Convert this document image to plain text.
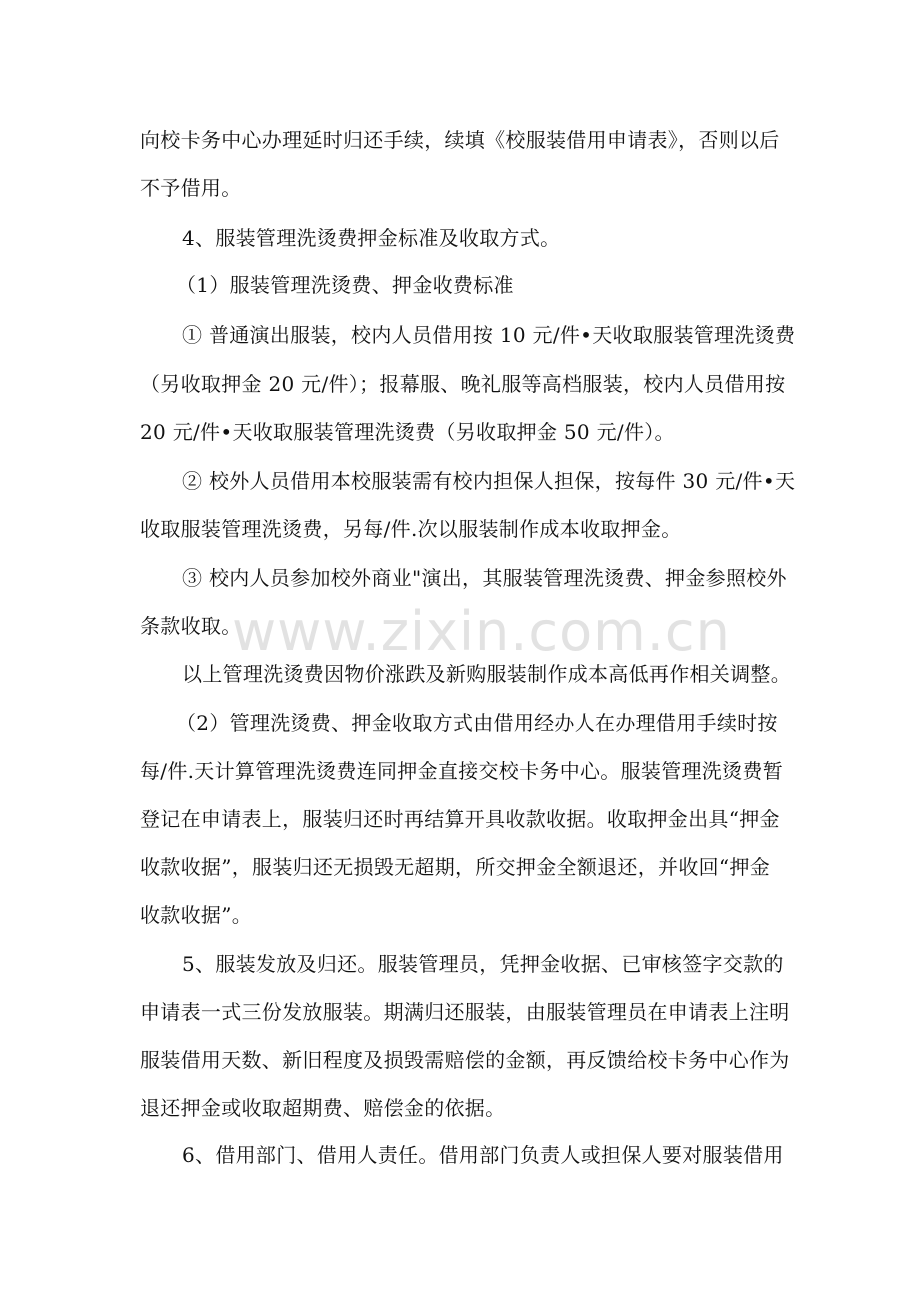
向校卡务中心办理延时归还手续，续填《校服装借用申请表》，否则以后
不予借用。
4、服装管理洗烫费押金标准及收取方式。
（1）服装管理洗烫费、押金收费标准
① 普通演出服装，校内人员借用按 10 元/件•天收取服装管理洗烫费
（另收取押金 20 元/件）；报幕服、晚礼服等高档服装，校内人员借用按
20 元/件•天收取服装管理洗烫费（另收取押金 50 元/件）。
② 校外人员借用本校服装需有校内担保人担保，按每件 30 元/件•天
收取服装管理洗烫费，另每/件.次以服装制作成本收取押金。
③ 校内人员参加校外商业"演出，其服装管理洗烫费、押金参照校外
条款收取。
以上管理洗烫费因物价涨跌及新购服装制作成本高低再作相关调整。
（2）管理洗烫费、押金收取方式由借用经办人在办理借用手续时按
每/件.天计算管理洗烫费连同押金直接交校卡务中心。服装管理洗烫费暂
登记在申请表上，服装归还时再结算开具收款收据。收取押金出具“押金
收款收据”，服装归还无损毁无超期，所交押金全额退还，并收回“押金
收款收据”。
5、服装发放及归还。服装管理员，凭押金收据、已审核签字交款的
申请表一式三份发放服装。期满归还服装，由服装管理员在申请表上注明
服装借用天数、新旧程度及损毁需赔偿的金额，再反馈给校卡务中心作为
退还押金或收取超期费、赔偿金的依据。
6、借用部门、借用人责任。借用部门负责人或担保人要对服装借用
www.zixin.com.cn
